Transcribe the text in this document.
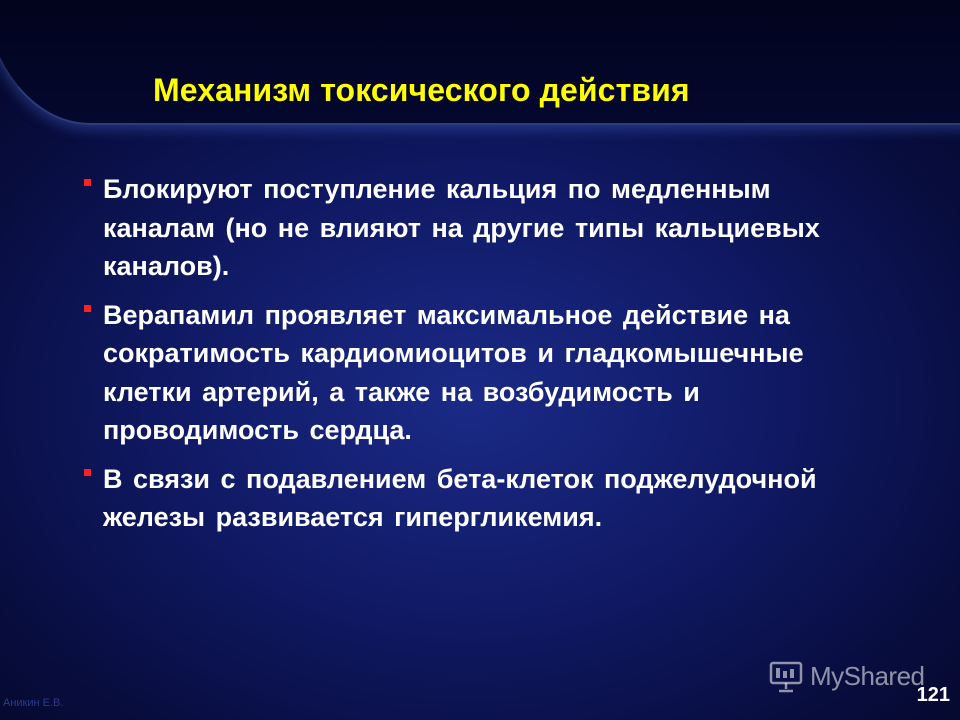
Механизм токсического действия
Блокируют поступление кальция по медленным каналам (но не влияют на другие типы кальциевых каналов).
Верапамил проявляет максимальное действие на сократимость кардиомиоцитов и гладкомышечные клетки артерий, а также на возбудимость и проводимость сердца.
В связи с подавлением бета-клеток поджелудочной железы развивается гипергликемия.
Аникин Е.В.
MyShared
121
